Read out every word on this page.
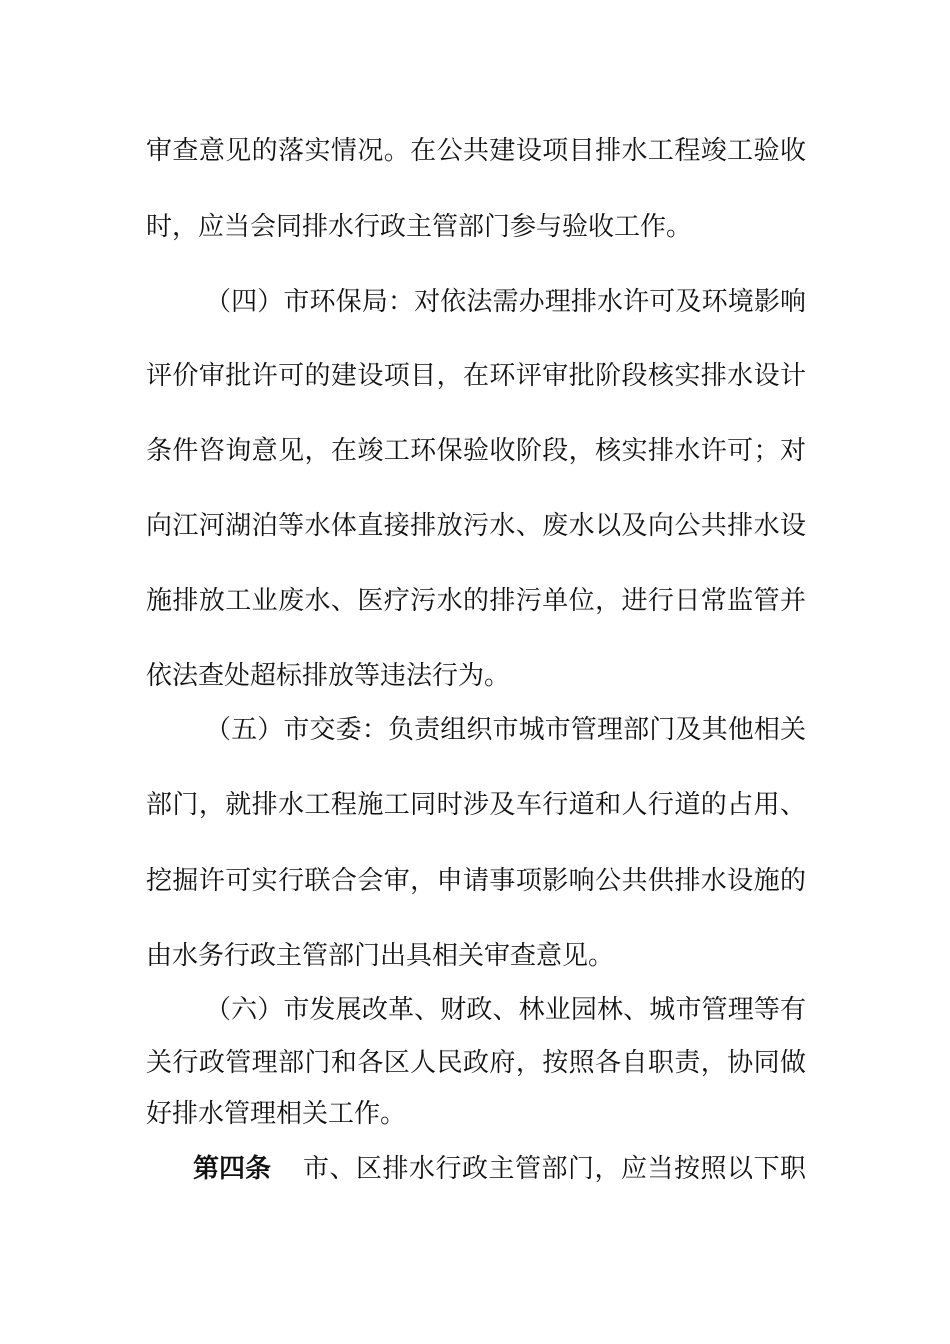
审查意见的落实情况。在公共建设项目排水工程竣工验收
时，应当会同排水行政主管部门参与验收工作。
（四）市环保局：对依法需办理排水许可及环境影响
评价审批许可的建设项目，在环评审批阶段核实排水设计
条件咨询意见，在竣工环保验收阶段，核实排水许可；对
向江河湖泊等水体直接排放污水、废水以及向公共排水设
施排放工业废水、医疗污水的排污单位，进行日常监管并
依法查处超标排放等违法行为。
（五）市交委：负责组织市城市管理部门及其他相关
部门，就排水工程施工同时涉及车行道和人行道的占用、
挖掘许可实行联合会审，申请事项影响公共供排水设施的
由水务行政主管部门出具相关审查意见。
（六）市发展改革、财政、林业园林、城市管理等有
关行政管理部门和各区人民政府，按照各自职责，协同做
好排水管理相关工作。
第四条 市、区排水行政主管部门，应当按照以下职
